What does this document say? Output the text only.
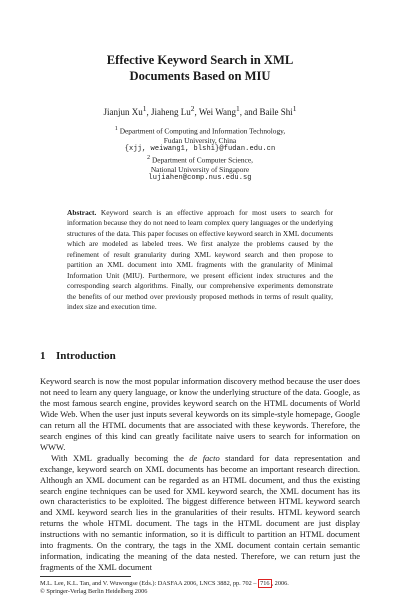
Effective Keyword Search in XML
Documents Based on MIU
Jianjun Xu$^1$, Jiaheng Lu$^2$, Wei Wang$^1$, and Baile Shi$^1$
$^1$ Department of Computing and Information Technology,
Fudan University, China
{xjj, weiwang1, blshi}@fudan.edu.cn
$^2$ Department of Computer Science,
National University of Singapore
lujiahen@comp.nus.edu.sg
Abstract. Keyword search is an effective approach for most users to search for information because they do not need to learn complex query languages or the underlying structures of the data. This paper focuses on effective keyword search in XML documents which are modeled as labeled trees. We first analyze the problems caused by the refinement of result granularity during XML keyword search and then propose to partition an XML document into XML fragments with the granularity of Minimal Information Unit (MIU). Furthermore, we present efficient index structures and the corresponding search algorithms. Finally, our comprehensive experiments demonstrate the benefits of our method over previously proposed methods in terms of result quality, index size and execution time.
1 Introduction

Keyword search is now the most popular information discovery method because the user does not need to learn any query language, or know the underlying structure of the data. Google, as the most famous search engine, provides keyword search on the HTML documents of World Wide Web. When the user just inputs several keywords on its simple-style homepage, Google can return all the HTML documents that are associated with these keywords. Therefore, the search engines of this kind can greatly facilitate naive users to search for information on WWW.

With XML gradually becoming the de facto standard for data representation and exchange, keyword search on XML documents has become an important research direction. Although an XML document can be regarded as an HTML document, and thus the existing search engine techniques can be used for XML keyword search, the XML document has its own characteristics to be exploited. The biggest difference between HTML keyword search and XML keyword search lies in the granularities of their results. HTML keyword search returns the whole HTML document. The tags in the HTML document are just display instructions with no semantic information, so it is difficult to partition an HTML document into fragments. On the contrary, the tags in the XML document contain certain semantic information, indicating the meaning of the data nested. Therefore, we can return just the fragments of the XML document

M.L. Lee, K.L. Tan, and V. Wuwongse (Eds.): DASFAA 2006, LNCS 3882, pp. 702 – 716 , 2006.
© Springer-Verlag Berlin Heidelberg 2006
